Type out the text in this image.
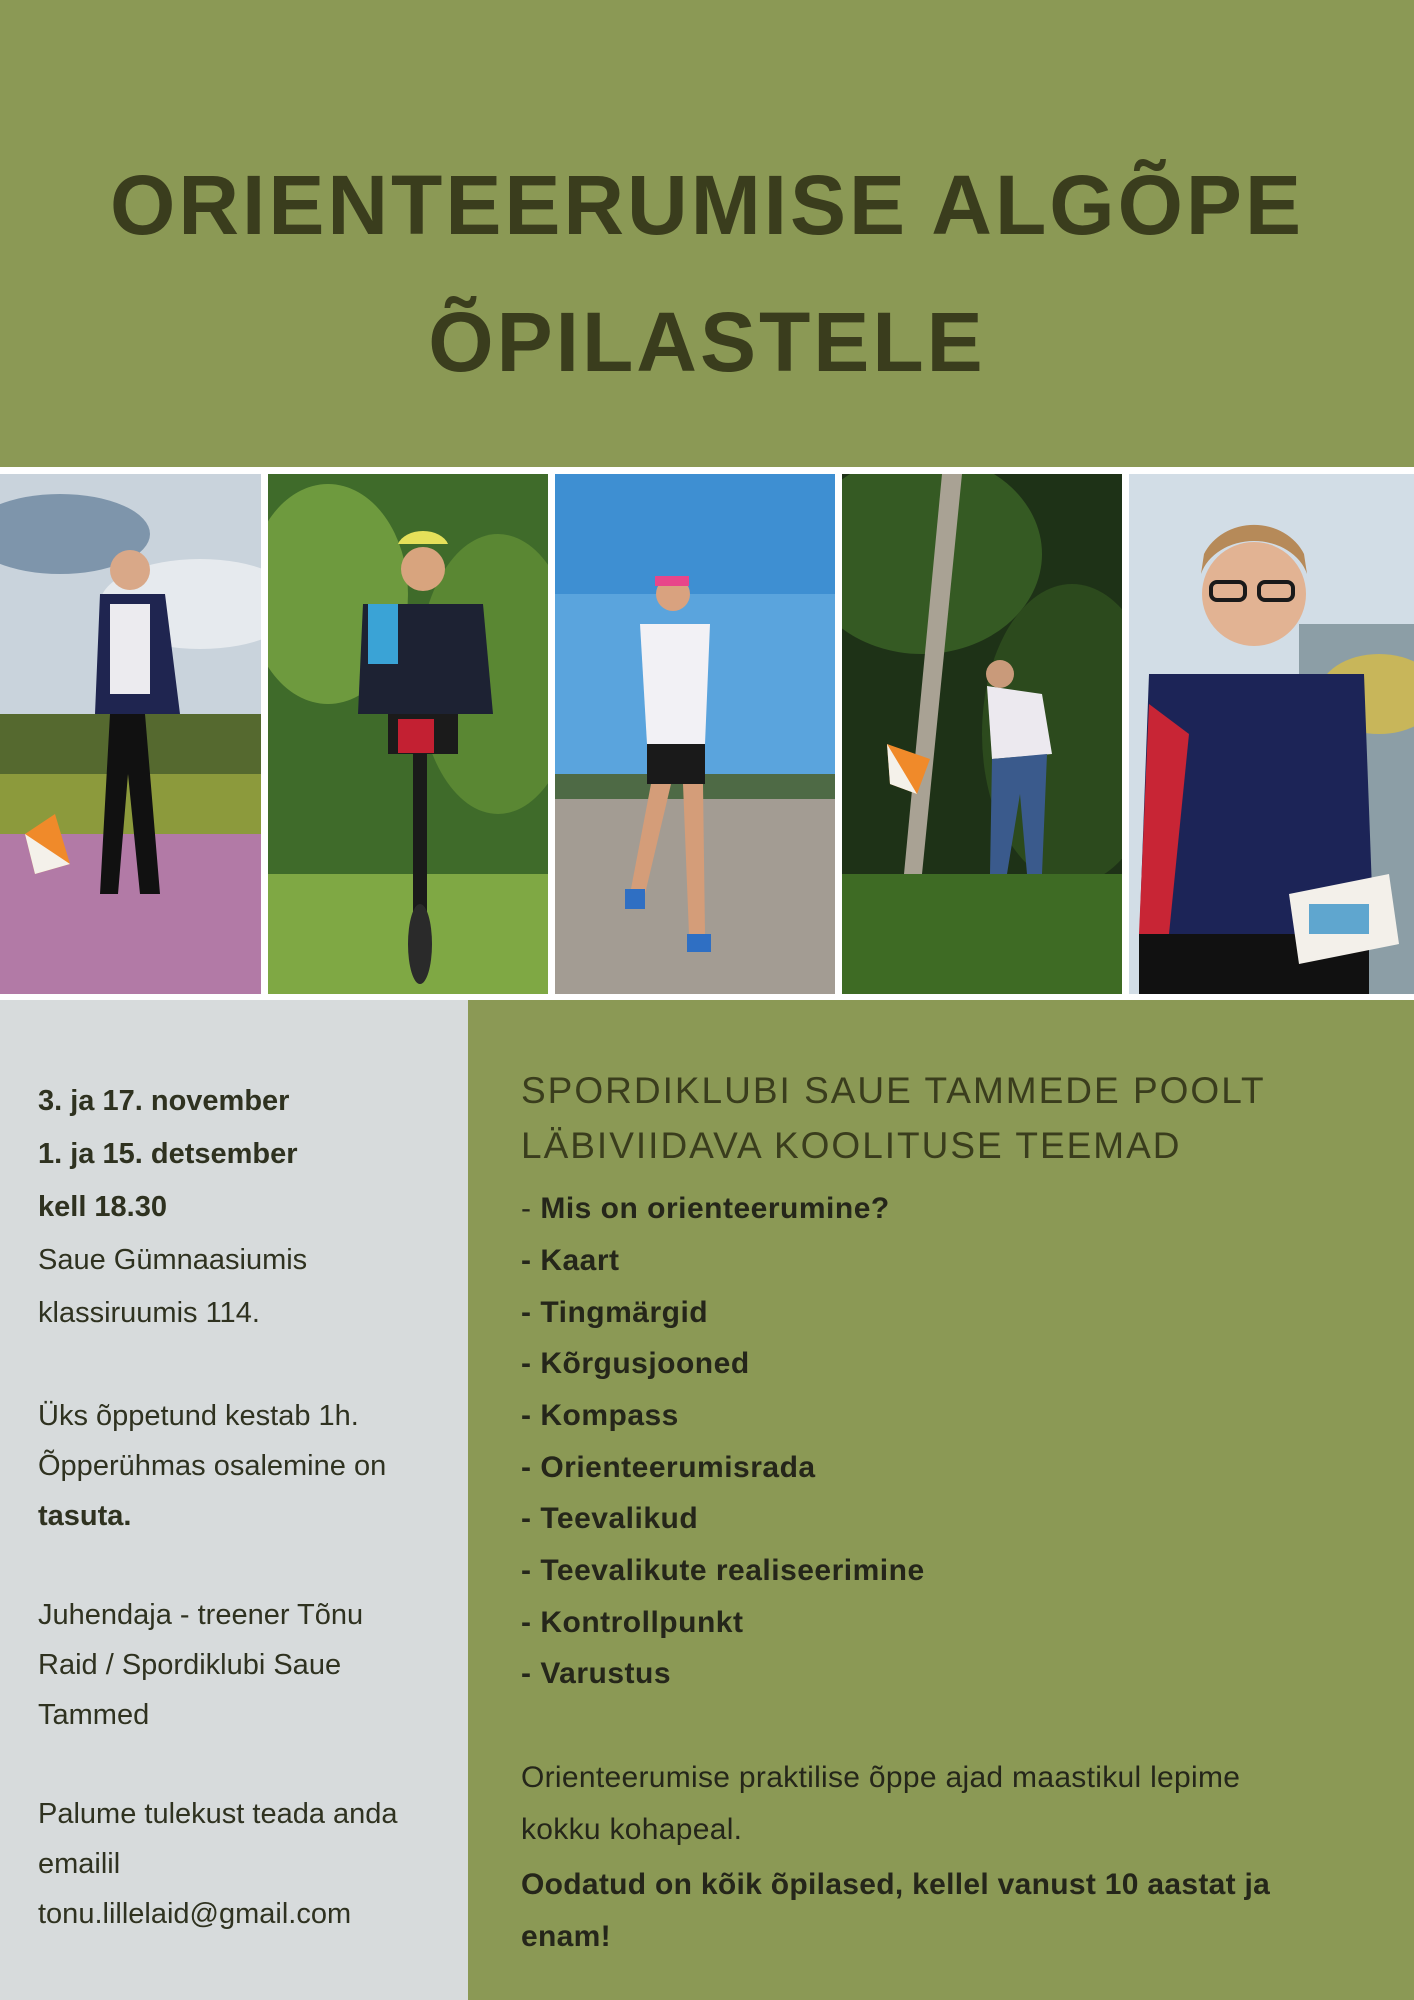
ORIENTEERUMISE ALGÕPE
ÕPILASTELE
3. ja 17. november
1. ja 15. detsember
kell 18.30
Saue Gümnaasiumis
klassiruumis 114.
Üks õppetund kestab 1h.
Õpperühmas osalemine on
tasuta.
Juhendaja - treener Tõnu
Raid / Spordiklubi Saue
Tammed
Palume tulekust teada anda
emailil
tonu.lillelaid@gmail.com
SPORDIKLUBI SAUE TAMMEDE POOLT
LÄBIVIIDAVA KOOLITUSE TEEMAD
- Mis on orienteerumine?
- Kaart
- Tingmärgid
- Kõrgusjooned
- Kompass
- Orienteerumisrada
- Teevalikud
- Teevalikute realiseerimine
- Kontrollpunkt
- Varustus
Orienteerumise praktilise õppe ajad maastikul lepime
kokku kohapeal.
Oodatud on kõik õpilased, kellel vanust 10 aastat ja
enam!
